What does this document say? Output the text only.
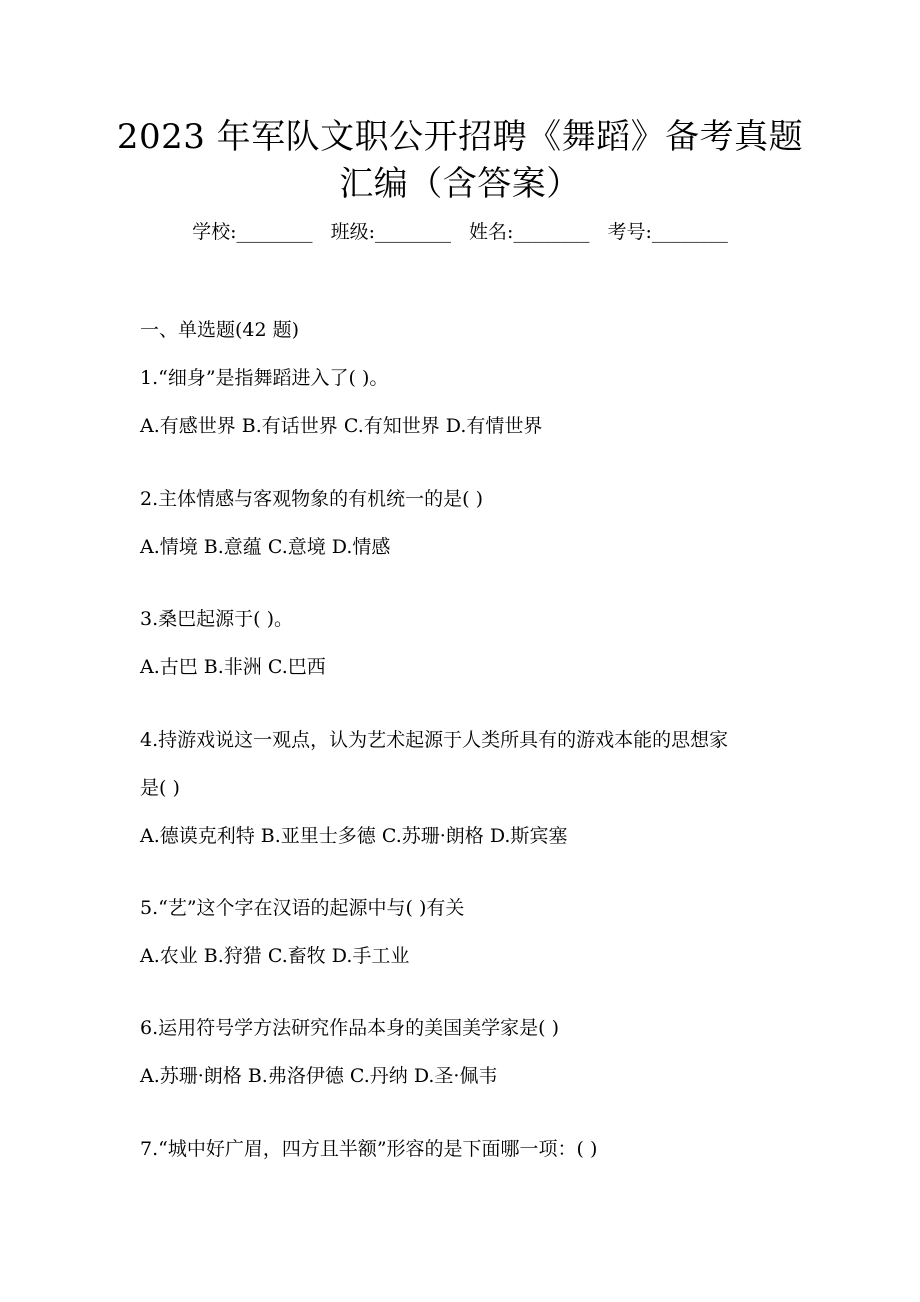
2023 年军队文职公开招聘《舞蹈》备考真题
汇编（含答案）
学校:________ 班级:________ 姓名:________ 考号:________
一、单选题(42 题)
1.“细身”是指舞蹈进入了( )。
A.有感世界 B.有话世界 C.有知世界 D.有情世界
2.主体情感与客观物象的有机统一的是( )
A.情境 B.意蕴 C.意境 D.情感
3.桑巴起源于( )。
A.古巴 B.非洲 C.巴西
4.持游戏说这一观点，认为艺术起源于人类所具有的游戏本能的思想家
是( )
A.德谟克利特 B.亚里士多德 C.苏珊·朗格 D.斯宾塞
5.“艺”这个字在汉语的起源中与( )有关
A.农业 B.狩猎 C.畜牧 D.手工业
6.运用符号学方法研究作品本身的美国美学家是( )
A.苏珊·朗格 B.弗洛伊德 C.丹纳 D.圣·佩韦
7.“城中好广眉，四方且半额”形容的是下面哪一项：( )
